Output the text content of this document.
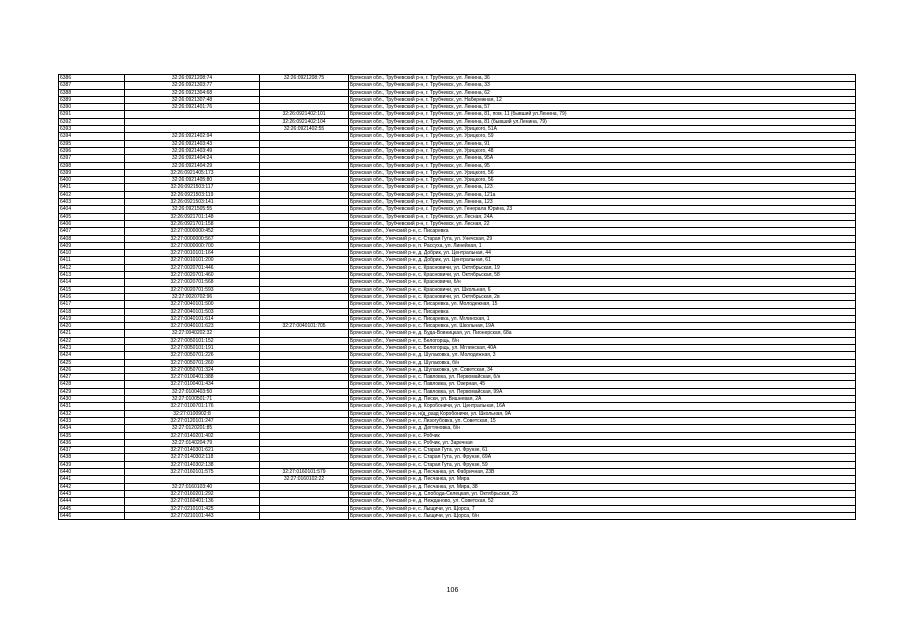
6386	32:26:0921208:74	32:26:0921208:75	Брянская обл., Трубчевский р-н, г. Трубчевск, ул. Ленина, 36
6387	32:26:0921303:77		Брянская обл., Трубчевский р-н, г. Трубчевск, ул. Ленина, 33
6388	32:26:0921304:68		Брянская обл., Трубчевский р-н, г. Трубчевск, ул. Ленина, 62
6389	32:26:0921307:48		Брянская обл., Трубчевский р-н, г. Трубчевск, ул. Набережная, 12
6390	32:26:0921401:76		Брянская обл., Трубчевский р-н, г. Трубчевск, ул. Ленина, 57
6391		32:26:0921402:101	Брянская обл., Трубчевский р-н, г. Трубчевск, ул. Ленина, 81, пом. 11 (бывший ул.Ленина, 79)
6392		32:26:0921402:104	Брянская обл., Трубчевский р-н, г. Трубчевск, ул. Ленина, 81 (бывший ул.Ленина, 79)
6393		32:26:0921402:55	Брянская обл., Трубчевский р-н, г. Трубчевск, ул. Урицкого, 51А
6394	32:26:0921402:94		Брянская обл., Трубчевский р-н, г. Трубчевск, ул. Урицкого, 59
6395	32:26:0921403:43		Брянская обл., Трубчевский р-н, г. Трубчевск, ул. Ленина, 91
6396	32:26:0921403:49		Брянская обл., Трубчевский р-н, г. Трубчевск, ул. Урицкого, 48
6397	32:26:0921404:24		Брянская обл., Трубчевский р-н, г. Трубчевск, ул. Ленина, 95А
6398	32:26:0921404:29		Брянская обл., Трубчевский р-н, г. Трубчевск, ул. Ленина, 95
6399	32:26:0921405:173		Брянская обл., Трубчевский р-н, г. Трубчевск, ул. Урицкого, 56
6400	32:26:0921405:80		Брянская обл., Трубчевский р-н, г. Трубчевск, ул. Урицкого, 56
6401	32:26:0921503:117		Брянская обл., Трубчевский р-н, г. Трубчевск, ул. Ленина, 123
6402	32:26:0921503:119		Брянская обл., Трубчевский р-н, г. Трубчевск, ул. Ленина, 121а
6403	32:26:0921503:141		Брянская обл., Трубчевский р-н, г. Трубчевск, ул. Ленина, 123
6404	32:26:0921505:55		Брянская обл., Трубчевский р-н, г. Трубчевск, ул. Генерала Юрина, 23
6405	32:26:0921701:148		Брянская обл., Трубчевский р-н, г. Трубчевск, ул. Лесная, 24А
6406	32:26:0921701:158		Брянская обл., Трубчевский р-н, г. Трубчевск, ул. Лесная, 22
6407	32:27:0000000:452		Брянская обл., Унечский р-н, с. Писаревка
6408	32:27:0000000:567		Брянская обл., Унечский р-н, с. Старая Гута, ул. Унечская, 29
6409	32:27:0000000:700		Брянская обл., Унечский р-н, п. Рассуха, ул. Линейная, 1
6410	32:27:0010101:164		Брянская обл., Унечский р-н, д. Добрик, ул. Центральная, 44
6411	32:27:0010101:200		Брянская обл., Унечский р-н, д. Добрик, ул. Центральная, 61
6412	32:27:0020701:446		Брянская обл., Унечский р-н, с. Красновичи, ул. Октябрьская, 19
6413	32:27:0020701:460		Брянская обл., Унечский р-н, с. Красновичи, ул. Октябрьская, 58
6414	32:27:0020701:568		Брянская обл., Унечский р-н, с. Красновичи, б/н
6415	32:27:0020701:593		Брянская обл., Унечский р-н, с. Красновичи, ул. Школьная, 6
6416	32:27:0020702:96		Брянская обл., Унечский р-н, с. Красновичи, ул. Октябрьская, 2в
6417	32:27:0040101:500		Брянская обл., Унечский р-н, с. Писаревка, ул. Молодежная, 15
6418	32:27:0040101:503		Брянская обл., Унечский р-н, с. Писаревка
6419	32:27:0040101:614		Брянская обл., Унечский р-н, с. Писаревка, ул. Мглинская, 1
6420	32:27:0040101:623	32:27:0040101:705	Брянская обл., Унечский р-н, с. Писаревка, ул. Школьная, 19А
6421	32:27:0040202:32		Брянская обл., Унечский р-н, д. Буда-Вовницкая, ул. Пионерская, 68а
6422	32:27:0050101:152		Брянская обл., Унечский р-н, с. Белогорщь, б/н
6423	32:27:0050101:191		Брянская обл., Унечский р-н, с. Белогорщь, ул. Мглинская, 40А
6424	32:27:0050701:226		Брянская обл., Унечский р-н, д. Шулаковка, ул. Молодежная, 3
6425	32:27:0050701:260		Брянская обл., Унечский р-н, д. Шулаковка, б/н
6426	32:27:0050701:324		Брянская обл., Унечский р-н, д. Шулаковка, ул. Советская, 34
6427	32:27:0100401:388		Брянская обл., Унечский р-н, с. Павловка, ул. Первомайская, б/н
6428	32:27:0100401:434		Брянская обл., Унечский р-н, с. Павловка, ул. Озерная, 45
6429	32:27:0100403:50		Брянская обл., Унечский р-н, с. Павловка, ул. Первомайская, 99А
6430	32:27:0100501:71		Брянская обл., Унечский р-н, д. Пески, ул. Вишневая, 2А
6431	32:27:0100701:176		Брянская обл., Унечский р-н, д. Коробоничи, ул. Центральная, 16А
6432	32:27:0100902:8		Брянская обл., Унечский р-н, н/д_разд Коробоничи, ул. Школьная, 9А
6433	32:27:0120101:247		Брянская обл., Унечский р-н, с. Лизогубовка, ул. Советская, 15
6434	32:27:0120201:85		Брянская обл., Унечский р-н, д. Дегтяновка, б/н
6435	32:27:0140201:402		Брянская обл., Унечский р-н, с. Робчик
6436	32:27:0140204:79		Брянская обл., Унечский р-н, с. Робчик, ул. Заречная
6437	32:27:0140301:621		Брянская обл., Унечский р-н, с. Старая Гута, ул. Фрунзе, 61
6438	32:27:0140302:118		Брянская обл., Унечский р-н, с. Старая Гута, ул. Фрунзе, 69А
6439	32:27:0140302:138		Брянская обл., Унечский р-н, с. Старая Гута, ул. Фрунзе, 59
6440	32:27:0160101:575	32:27:0160101:579	Брянская обл., Унечский р-н, д. Песчанка, ул. Фабричная, 23В
6441		32:27:0160102:22	Брянская обл., Унечский р-н, д. Песчанка, ул. Мира
6442	32:27:0160103:40		Брянская обл., Унечский р-н, д. Песчанка, ул. Мира, 38
6443	32:27:0160201:292		Брянская обл., Унечский р-н, д. Слобода-Селецкая, ул. Октябрьская, 23
6444	32:27:0160401:136		Брянская обл., Унечский р-н, д. Нежданово, ул. Советская, 52
6445	32:27:0210101:425		Брянская обл., Унечский р-н, с. Лыщичи, ул. Щорса, 7
6446	32:27:0210101:443		Брянская обл., Унечский р-н, с. Лыщичи, ул. Щорса, б/н
106
